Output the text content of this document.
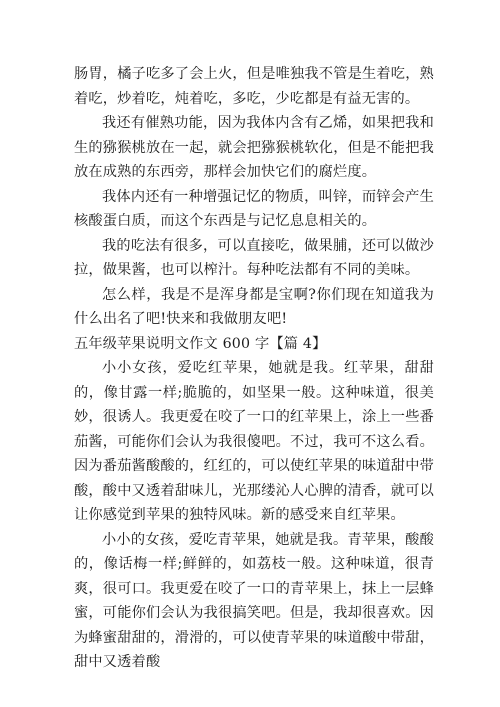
肠胃，橘子吃多了会上火，但是唯独我不管是生着吃，熟着吃，炒着吃，炖着吃，多吃，少吃都是有益无害的。

我还有催熟功能，因为我体内含有乙烯，如果把我和生的猕猴桃放在一起，就会把猕猴桃软化，但是不能把我放在成熟的东西旁，那样会加快它们的腐烂度。

我体内还有一种增强记忆的物质，叫锌，而锌会产生核酸蛋白质，而这个东西是与记忆息息相关的。

我的吃法有很多，可以直接吃，做果脯，还可以做沙拉，做果酱，也可以榨汁。每种吃法都有不同的美味。

怎么样，我是不是浑身都是宝啊?你们现在知道我为什么出名了吧!快来和我做朋友吧!

五年级苹果说明文作文 600 字【篇 4】

小小女孩，爱吃红苹果，她就是我。红苹果，甜甜的，像甘露一样;脆脆的，如坚果一般。这种味道，很美妙，很诱人。我更爱在咬了一口的红苹果上，涂上一些番茄酱，可能你们会认为我很傻吧。不过，我可不这么看。因为番茄酱酸酸的，红红的，可以使红苹果的味道甜中带酸，酸中又透着甜味儿，光那缕沁人心脾的清香，就可以让你感觉到苹果的独特风味。新的感受来自红苹果。

小小的女孩，爱吃青苹果，她就是我。青苹果，酸酸的，像话梅一样;鲜鲜的，如荔枝一般。这种味道，很青爽，很可口。我更爱在咬了一口的青苹果上，抹上一层蜂蜜，可能你们会认为我很搞笑吧。但是，我却很喜欢。因为蜂蜜甜甜的，滑滑的，可以使青苹果的味道酸中带甜，甜中又透着酸
